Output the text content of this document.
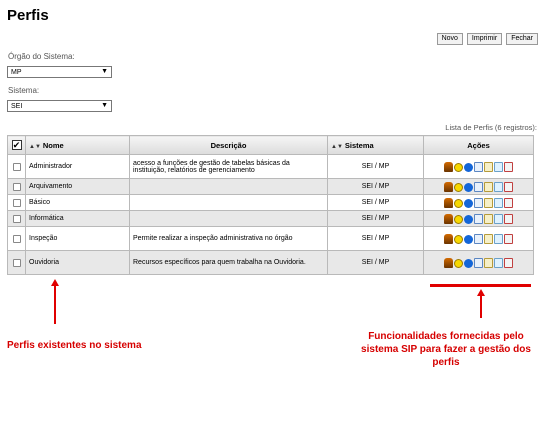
Perfis
Novo	Imprimir	Fechar
Órgão do Sistema:
MP	▼
Sistema:
SEI	▼
Lista de Perfis (6 registros):
✔	▲▼ Nome	Descrição	▲▼ Sistema	Ações
	Administrador	acesso a funções de gestão de tabelas básicas da instituição, relatórios de gerenciamento	SEI / MP	

	Arquivamento		SEI / MP	

	Básico		SEI / MP	

	Informática		SEI / MP	

	Inspeção	Permite realizar a inspeção administrativa no órgão	SEI / MP	

	Ouvidoria	Recursos específicos para quem trabalha na Ouvidoria.	SEI / MP	
Perfis existentes no sistema
Funcionalidades fornecidas pelo sistema SIP para fazer a gestão dos perfis
